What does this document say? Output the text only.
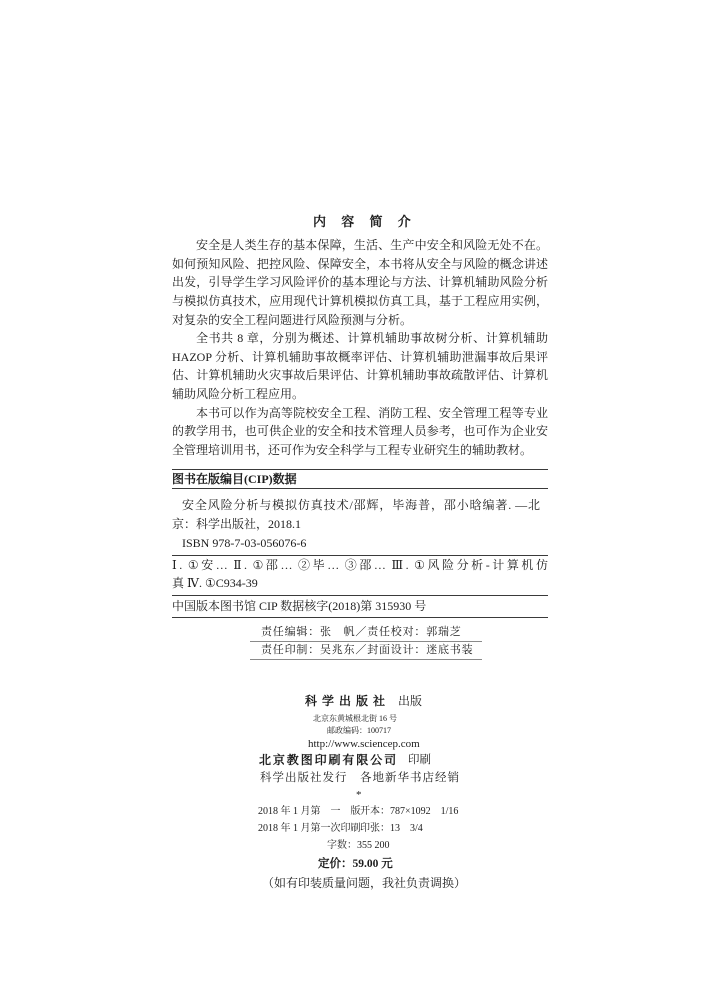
内 容 简 介
安全是人类生存的基本保障，生活、生产中安全和风险无处不在。
如何预知风险、把控风险、保障安全，本书将从安全与风险的概念讲述
出发，引导学生学习风险评价的基本理论与方法、计算机辅助风险分析
与模拟仿真技术，应用现代计算机模拟仿真工具，基于工程应用实例，
对复杂的安全工程问题进行风险预测与分析。
全书共 8 章，分别为概述、计算机辅助事故树分析、计算机辅助
HAZOP 分析、计算机辅助事故概率评估、计算机辅助泄漏事故后果评
估、计算机辅助火灾事故后果评估、计算机辅助事故疏散评估、计算机
辅助风险分析工程应用。
本书可以作为高等院校安全工程、消防工程、安全管理工程等专业
的教学用书，也可供企业的安全和技术管理人员参考，也可作为企业安
全管理培训用书，还可作为安全科学与工程专业研究生的辅助教材。
图书在版编目(CIP)数据
安全风险分析与模拟仿真技术/邵辉，毕海普，邵小晗编著. —北
京：科学出版社，2018.1
ISBN 978-7-03-056076-6
Ⅰ. ①安… Ⅱ. ①邵… ②毕… ③邵… Ⅲ. ①风险分析-计算机仿
真 Ⅳ. ①C934-39
中国版本图书馆 CIP 数据核字(2018)第 315930 号
责任编辑：张　帆／责任校对：郭瑞芝
责任印制：吴兆东／封面设计：迷底书装
科 学 出 版 社 出版
北京东黄城根北街 16 号
邮政编码：100717
http://www.sciencep.com
北京教图印刷有限公司 印刷
科学出版社发行　各地新华书店经销
*
2018 年 1 月第　一　版 开本：787×1092　1/16
2018 年 1 月第一次印刷 印张：13　3/4
字数：355 200
定价：59.00 元
（如有印装质量问题，我社负责调换）
